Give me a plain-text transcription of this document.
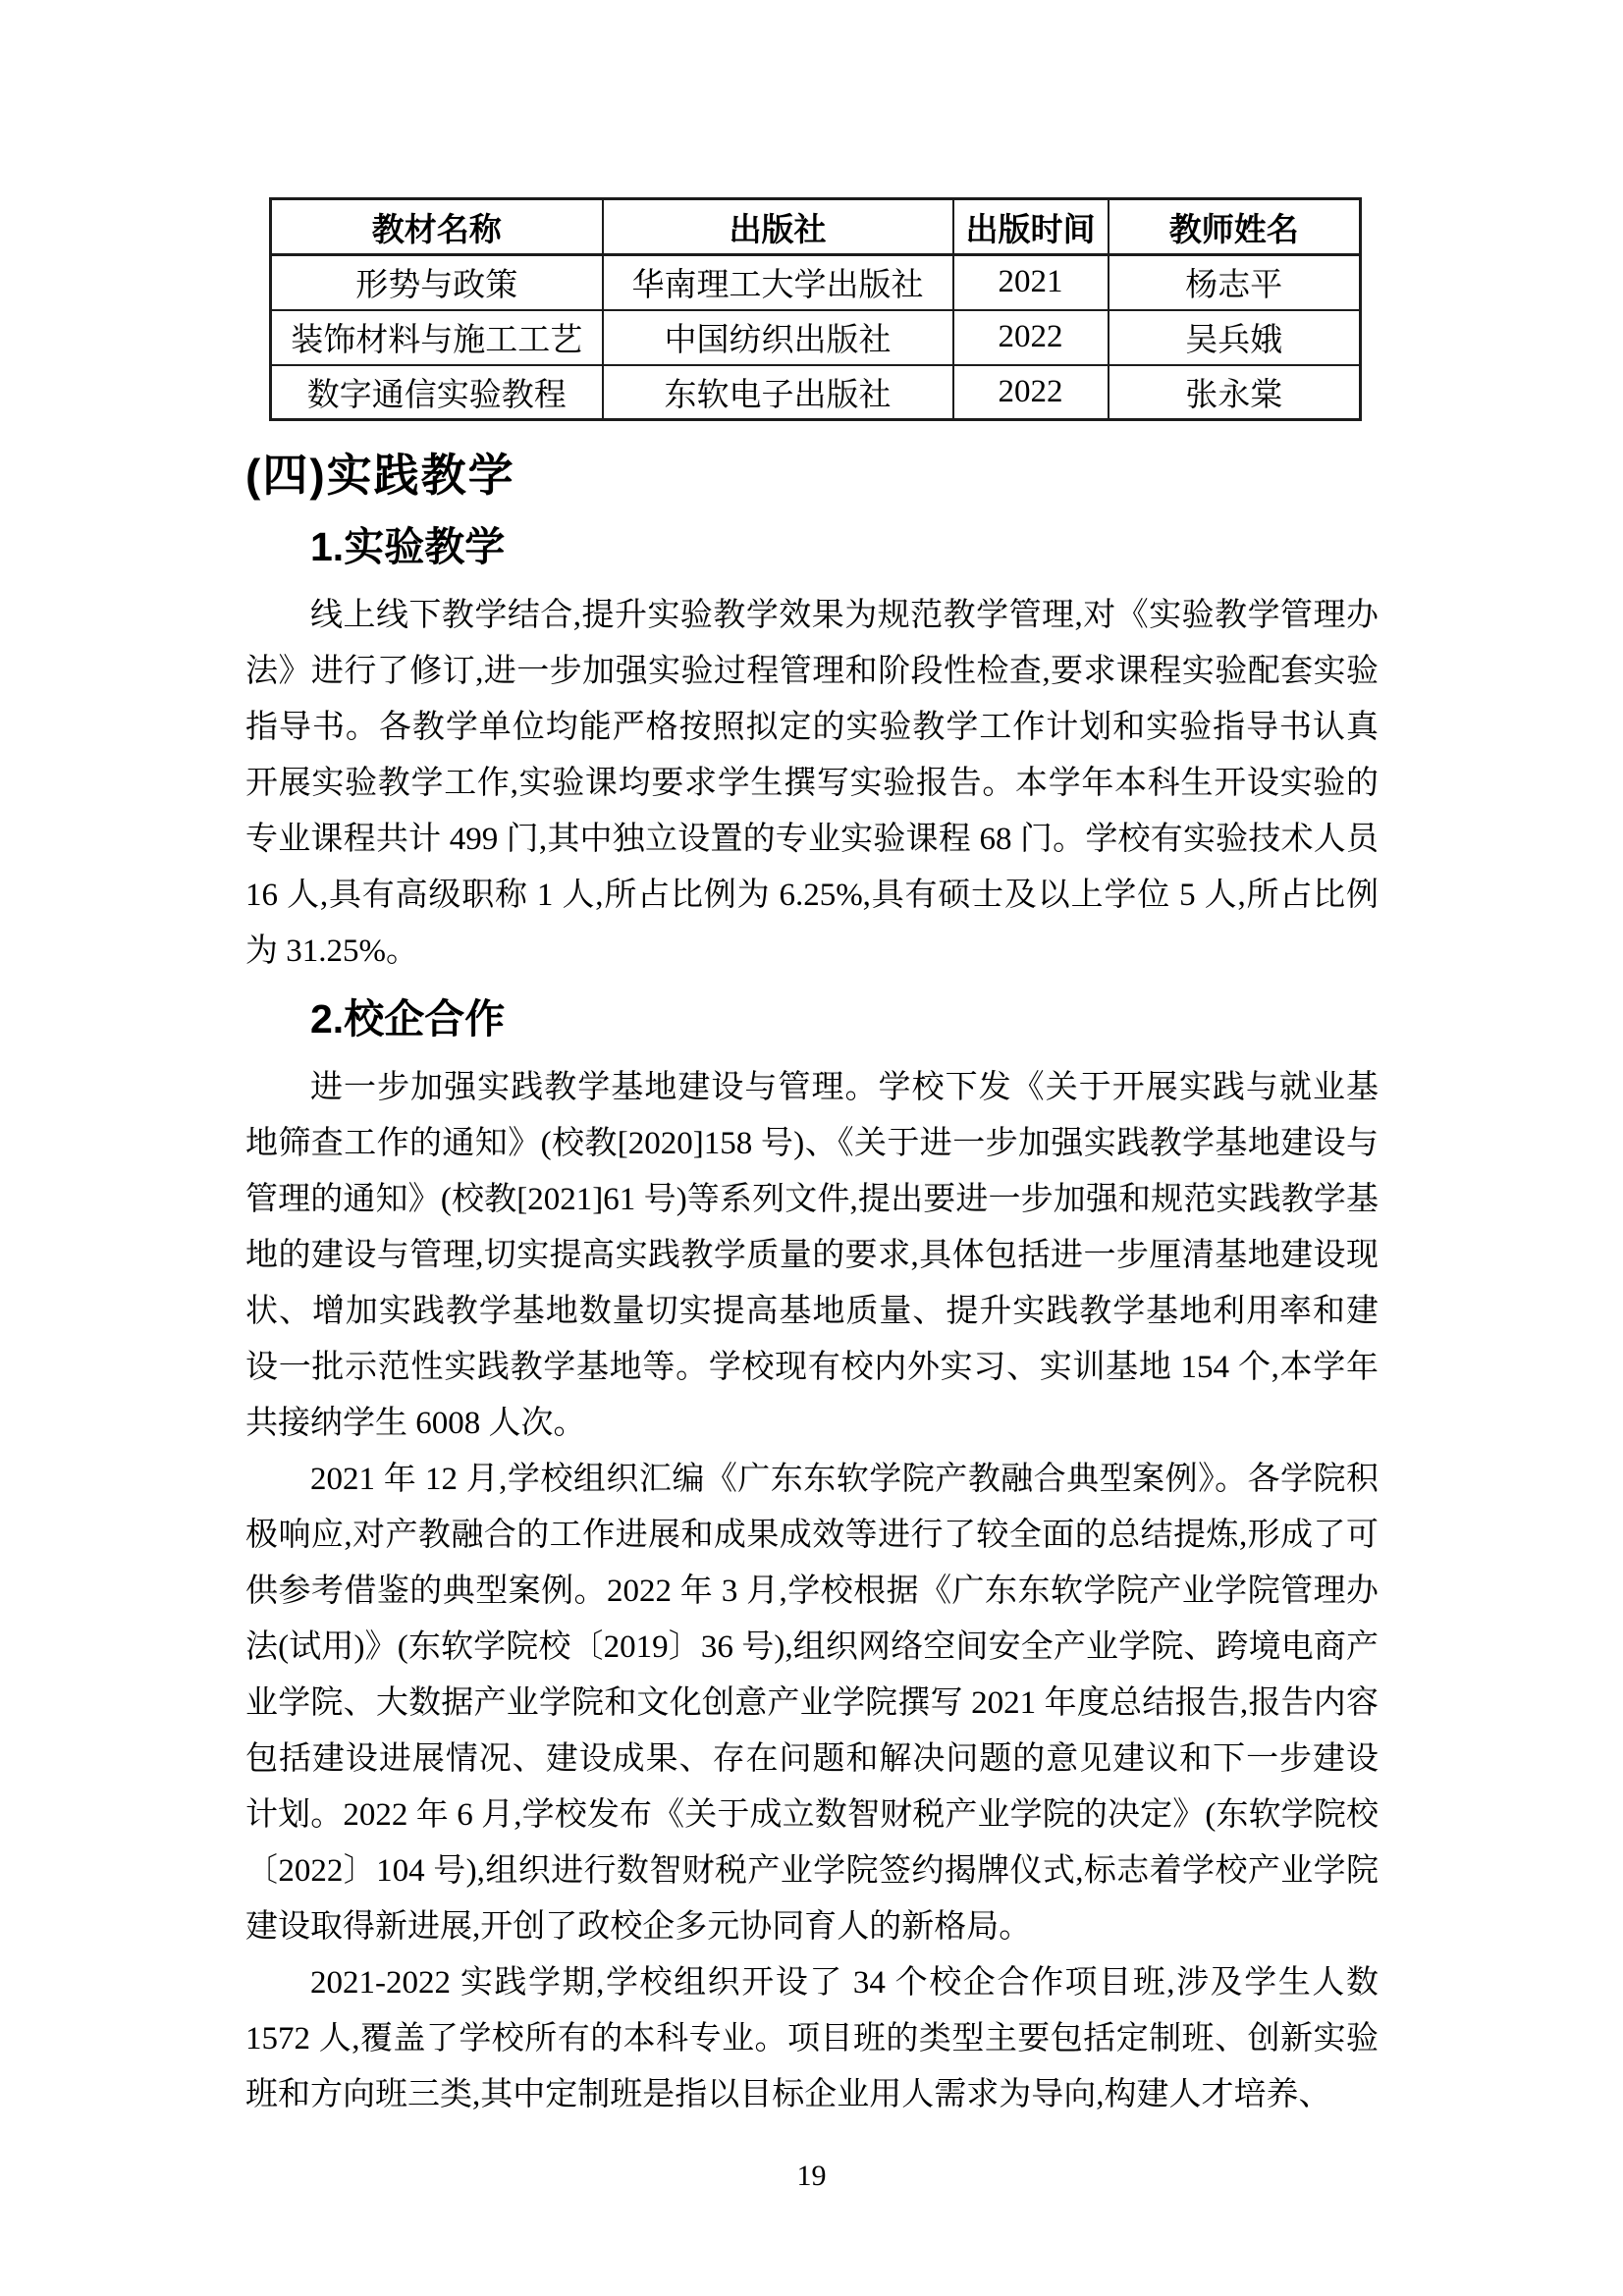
教材名称	出版社	出版时间	教师姓名
形势与政策	华南理工大学出版社	2021	杨志平
装饰材料与施工工艺	中国纺织出版社	2022	吴兵娥
数字通信实验教程	东软电子出版社	2022	张永棠
(四)实践教学
1.实验教学

线上线下教学结合,提升实验教学效果为规范教学管理,对《实验教学管理办法》进行了修订,进一步加强实验过程管理和阶段性检查,要求课程实验配套实验指导书。各教学单位均能严格按照拟定的实验教学工作计划和实验指导书认真开展实验教学工作,实验课均要求学生撰写实验报告。本学年本科生开设实验的专业课程共计 499 门,其中独立设置的专业实验课程 68 门。学校有实验技术人员 16 人,具有高级职称 1 人,所占比例为 6.25%,具有硕士及以上学位 5 人,所占比例为 31.25%。

2.校企合作

进一步加强实践教学基地建设与管理。学校下发《关于开展实践与就业基地筛查工作的通知》(校教[2020]158 号)、《关于进一步加强实践教学基地建设与管理的通知》(校教[2021]61 号)等系列文件,提出要进一步加强和规范实践教学基地的建设与管理,切实提高实践教学质量的要求,具体包括进一步厘清基地建设现状、增加实践教学基地数量切实提高基地质量、提升实践教学基地利用率和建设一批示范性实践教学基地等。学校现有校内外实习、实训基地 154 个,本学年共接纳学生 6008 人次。

2021 年 12 月,学校组织汇编《广东东软学院产教融合典型案例》。各学院积极响应,对产教融合的工作进展和成果成效等进行了较全面的总结提炼,形成了可供参考借鉴的典型案例。2022 年 3 月,学校根据《广东东软学院产业学院管理办法(试用)》(东软学院校〔2019〕36 号),组织网络空间安全产业学院、跨境电商产业学院、大数据产业学院和文化创意产业学院撰写 2021 年度总结报告,报告内容包括建设进展情况、建设成果、存在问题和解决问题的意见建议和下一步建设计划。2022 年 6 月,学校发布《关于成立数智财税产业学院的决定》(东软学院校〔2022〕104 号),组织进行数智财税产业学院签约揭牌仪式,标志着学校产业学院建设取得新进展,开创了政校企多元协同育人的新格局。

2021-2022 实践学期,学校组织开设了 34 个校企合作项目班,涉及学生人数 1572 人,覆盖了学校所有的本科专业。项目班的类型主要包括定制班、创新实验班和方向班三类,其中定制班是指以目标企业用人需求为导向,构建人才培养、

19
